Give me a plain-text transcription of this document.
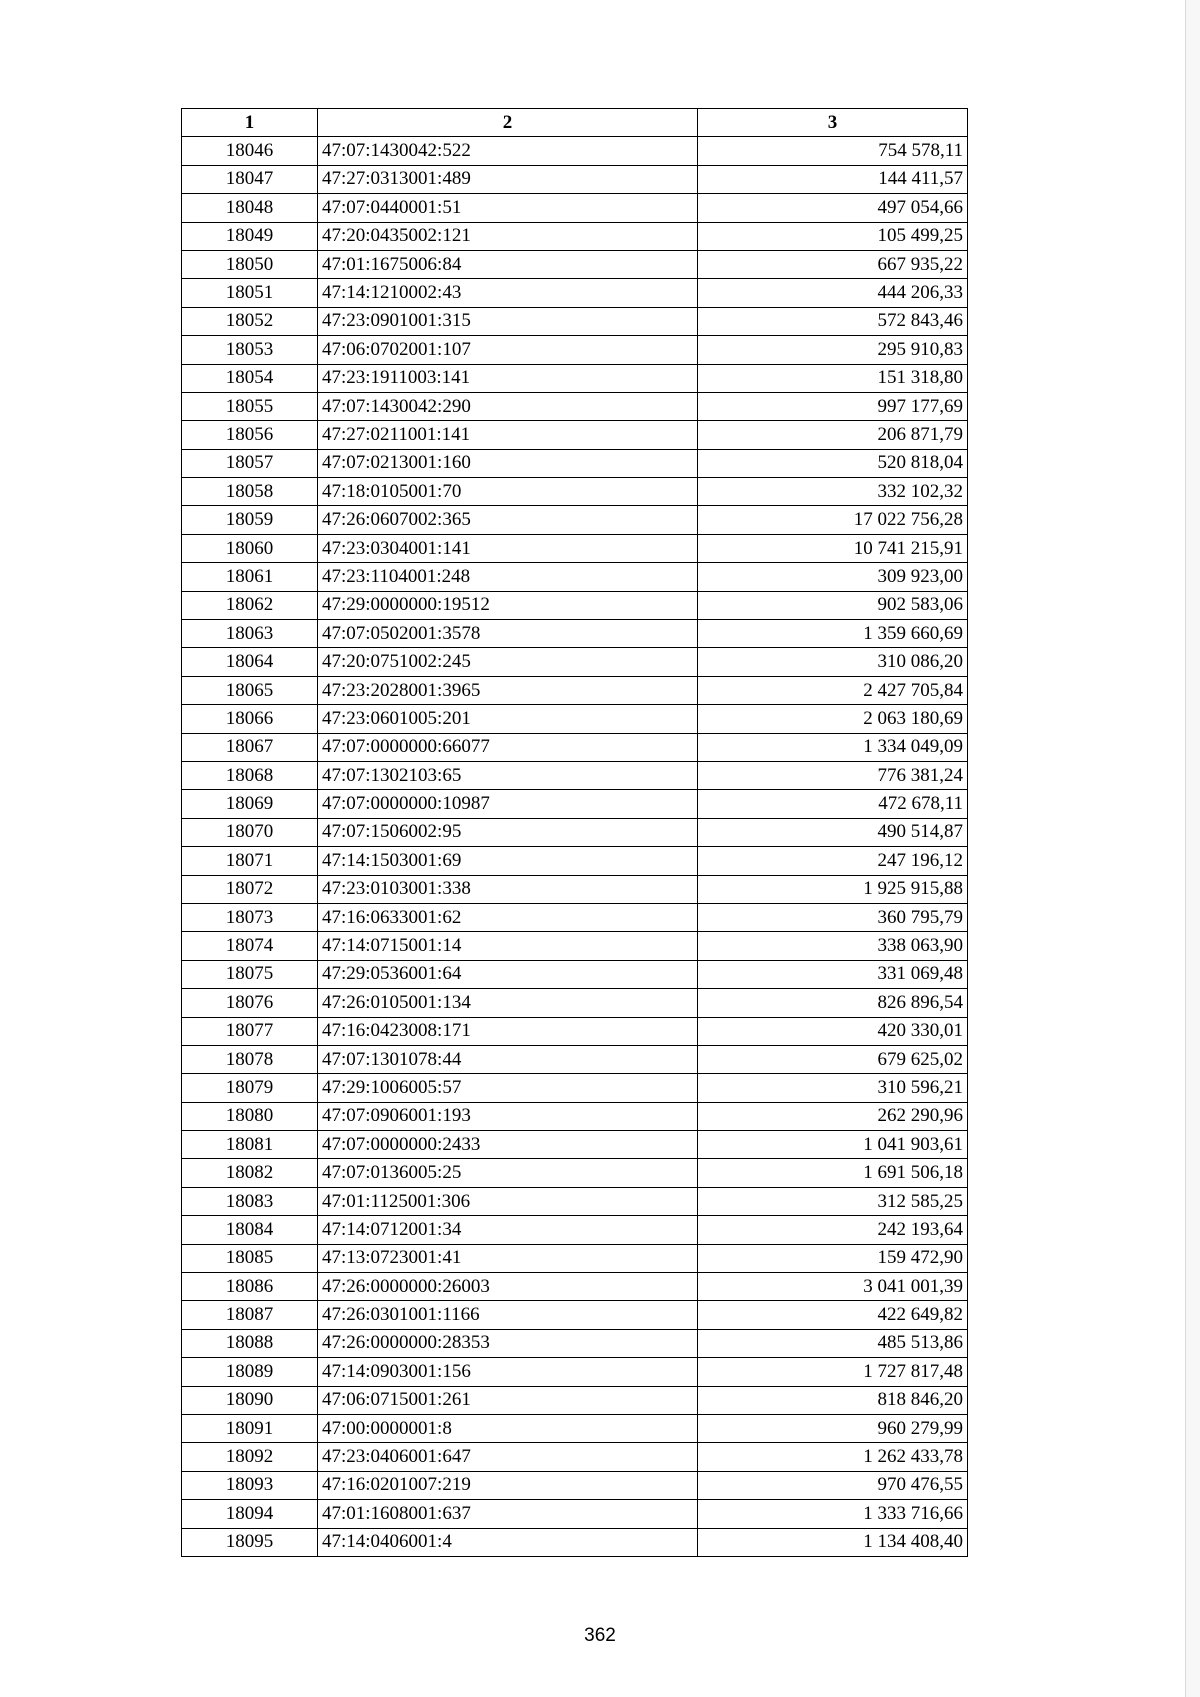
1	2	3
18046	47:07:1430042:522	754 578,11
18047	47:27:0313001:489	144 411,57
18048	47:07:0440001:51	497 054,66
18049	47:20:0435002:121	105 499,25
18050	47:01:1675006:84	667 935,22
18051	47:14:1210002:43	444 206,33
18052	47:23:0901001:315	572 843,46
18053	47:06:0702001:107	295 910,83
18054	47:23:1911003:141	151 318,80
18055	47:07:1430042:290	997 177,69
18056	47:27:0211001:141	206 871,79
18057	47:07:0213001:160	520 818,04
18058	47:18:0105001:70	332 102,32
18059	47:26:0607002:365	17 022 756,28
18060	47:23:0304001:141	10 741 215,91
18061	47:23:1104001:248	309 923,00
18062	47:29:0000000:19512	902 583,06
18063	47:07:0502001:3578	1 359 660,69
18064	47:20:0751002:245	310 086,20
18065	47:23:2028001:3965	2 427 705,84
18066	47:23:0601005:201	2 063 180,69
18067	47:07:0000000:66077	1 334 049,09
18068	47:07:1302103:65	776 381,24
18069	47:07:0000000:10987	472 678,11
18070	47:07:1506002:95	490 514,87
18071	47:14:1503001:69	247 196,12
18072	47:23:0103001:338	1 925 915,88
18073	47:16:0633001:62	360 795,79
18074	47:14:0715001:14	338 063,90
18075	47:29:0536001:64	331 069,48
18076	47:26:0105001:134	826 896,54
18077	47:16:0423008:171	420 330,01
18078	47:07:1301078:44	679 625,02
18079	47:29:1006005:57	310 596,21
18080	47:07:0906001:193	262 290,96
18081	47:07:0000000:2433	1 041 903,61
18082	47:07:0136005:25	1 691 506,18
18083	47:01:1125001:306	312 585,25
18084	47:14:0712001:34	242 193,64
18085	47:13:0723001:41	159 472,90
18086	47:26:0000000:26003	3 041 001,39
18087	47:26:0301001:1166	422 649,82
18088	47:26:0000000:28353	485 513,86
18089	47:14:0903001:156	1 727 817,48
18090	47:06:0715001:261	818 846,20
18091	47:00:0000001:8	960 279,99
18092	47:23:0406001:647	1 262 433,78
18093	47:16:0201007:219	970 476,55
18094	47:01:1608001:637	1 333 716,66
18095	47:14:0406001:4	1 134 408,40
362
